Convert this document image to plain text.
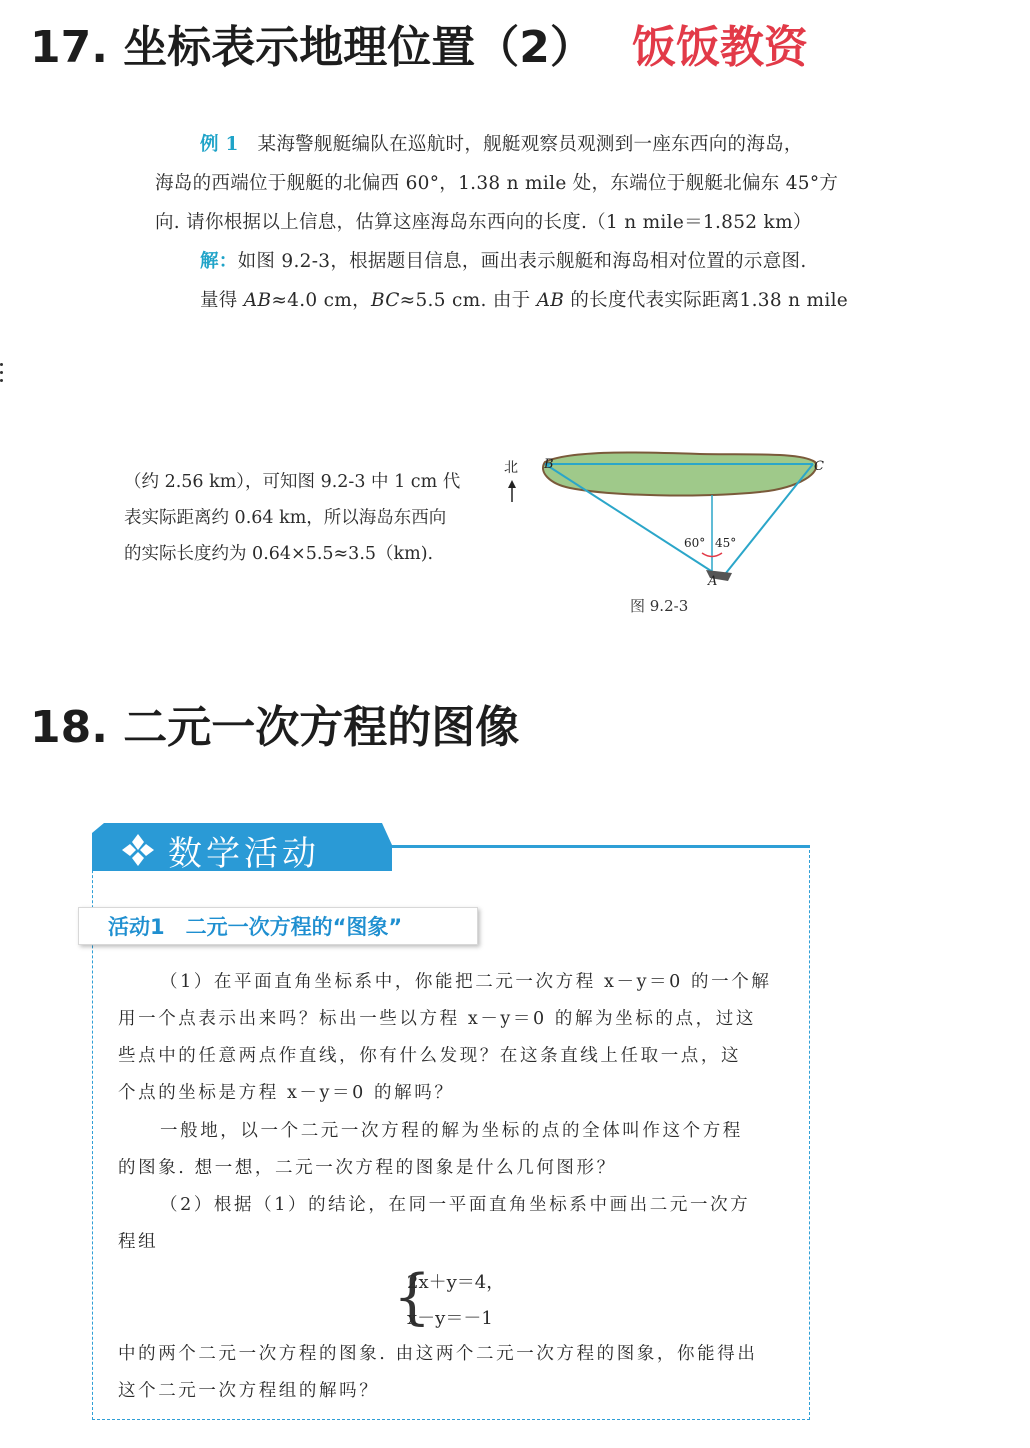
17. 坐标表示地理位置（2） 饭饭教资
例 1　 某海警舰艇编队在巡航时，舰艇观察员观测到一座东西向的海岛，
海岛的西端位于舰艇的北偏西 60°，1.38 n mile 处，东端位于舰艇北偏东 45°方
向. 请你根据以上信息，估算这座海岛东西向的长度.（1 n mile＝1.852 km）
解：如图 9.2-3，根据题目信息，画出表示舰艇和海岛相对位置的示意图.
量得 AB≈4.0 cm，BC≈5.5 cm. 由于 AB 的长度代表实际距离1.38 n mile
（约 2.56 km），可知图 9.2-3 中 1 cm 代
表实际距离约 0.64 km，所以海岛东西向
的实际长度约为 0.64×5.5≈3.5（km).
B	C
A
60° 45°
北
图 9.2-3
18. 二元一次方程的图像
数学活动
活动1　二元一次方程的“图象”
（1）在平面直角坐标系中，你能把二元一次方程 x－y＝0 的一个解
用一个点表示出来吗？标出一些以方程 x－y＝0 的解为坐标的点，过这
些点中的任意两点作直线，你有什么发现？在这条直线上任取一点，这
个点的坐标是方程 x－y＝0 的解吗？
一般地，以一个二元一次方程的解为坐标的点的全体叫作这个方程
的图象. 想一想，二元一次方程的图象是什么几何图形？
（2）根据（1）的结论，在同一平面直角坐标系中画出二元一次方
程组
{
2x＋y＝4，
x－y＝－1
中的两个二元一次方程的图象. 由这两个二元一次方程的图象，你能得出
这个二元一次方程组的解吗？
